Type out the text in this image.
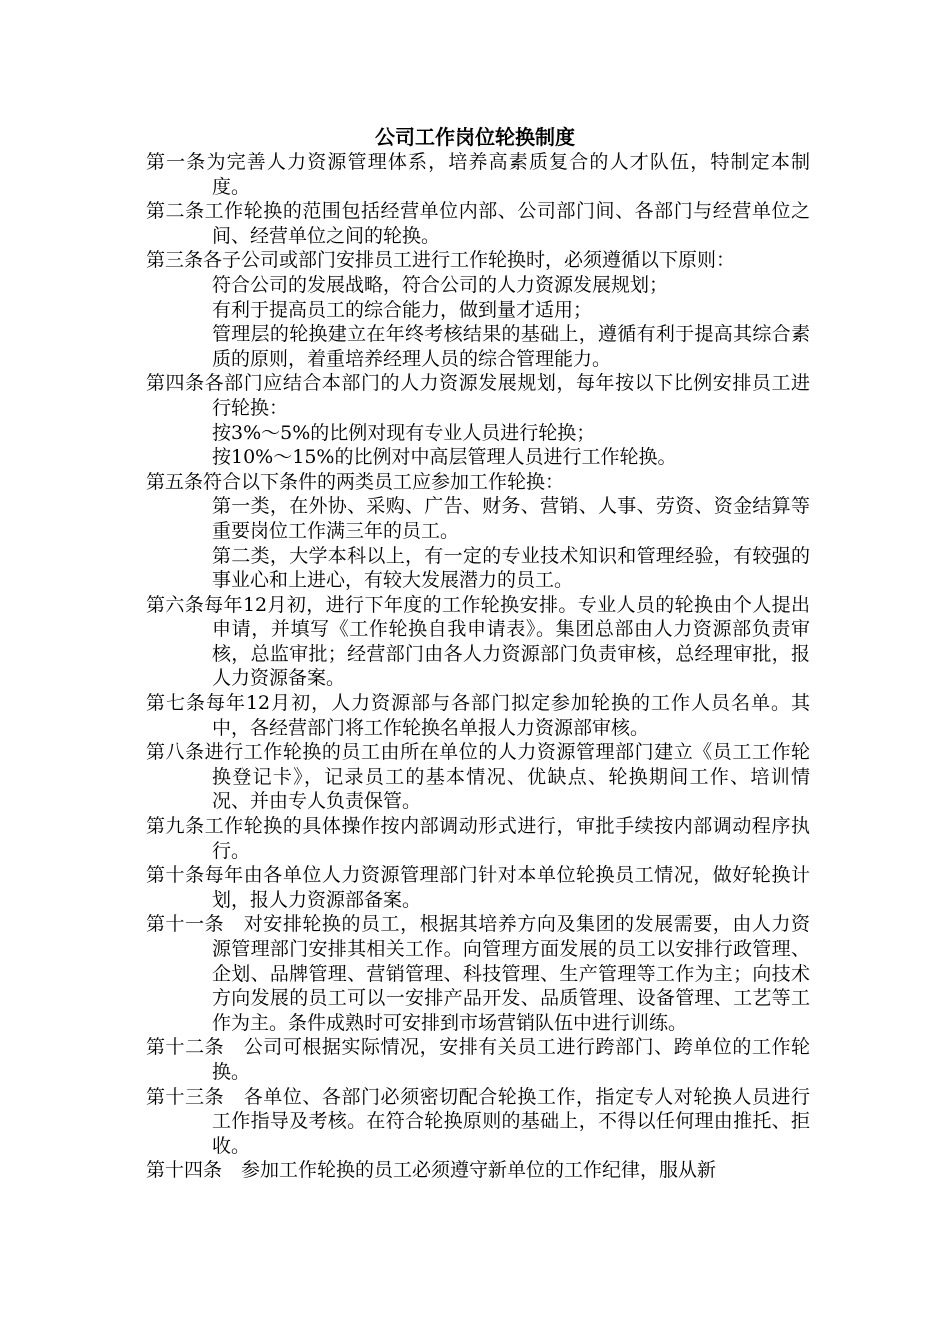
公司工作岗位轮换制度
第一条为完善人力资源管理体系，培养高素质复合的人才队伍，特制定本制度。
第二条工作轮换的范围包括经营单位内部、公司部门间、各部门与经营单位之间、经营单位之间的轮换。
第三条各子公司或部门安排员工进行工作轮换时，必须遵循以下原则：
符合公司的发展战略，符合公司的人力资源发展规划；
有利于提高员工的综合能力，做到量才适用；
管理层的轮换建立在年终考核结果的基础上，遵循有利于提高其综合素质的原则，着重培养经理人员的综合管理能力。
第四条各部门应结合本部门的人力资源发展规划，每年按以下比例安排员工进行轮换：
按3%～5%的比例对现有专业人员进行轮换；
按10%～15%的比例对中高层管理人员进行工作轮换。
第五条符合以下条件的两类员工应参加工作轮换：
第一类，在外协、采购、广告、财务、营销、人事、劳资、资金结算等重要岗位工作满三年的员工。
第二类，大学本科以上，有一定的专业技术知识和管理经验，有较强的事业心和上进心，有较大发展潜力的员工。
第六条每年12月初，进行下年度的工作轮换安排。专业人员的轮换由个人提出申请，并填写《工作轮换自我申请表》。集团总部由人力资源部负责审核，总监审批；经营部门由各人力资源部门负责审核，总经理审批，报人力资源备案。
第七条每年12月初，人力资源部与各部门拟定参加轮换的工作人员名单。其中，各经营部门将工作轮换名单报人力资源部审核。
第八条进行工作轮换的员工由所在单位的人力资源管理部门建立《员工工作轮换登记卡》，记录员工的基本情况、优缺点、轮换期间工作、培训情况、并由专人负责保管。
第九条工作轮换的具体操作按内部调动形式进行，审批手续按内部调动程序执行。
第十条每年由各单位人力资源管理部门针对本单位轮换员工情况，做好轮换计划，报人力资源部备案。
第十一条　对安排轮换的员工，根据其培养方向及集团的发展需要，由人力资源管理部门安排其相关工作。向管理方面发展的员工以安排行政管理、企划、品牌管理、营销管理、科技管理、生产管理等工作为主；向技术方向发展的员工可以一安排产品开发、品质管理、设备管理、工艺等工作为主。条件成熟时可安排到市场营销队伍中进行训练。
第十二条　公司可根据实际情况，安排有关员工进行跨部门、跨单位的工作轮换。
第十三条　各单位、各部门必须密切配合轮换工作，指定专人对轮换人员进行工作指导及考核。在符合轮换原则的基础上，不得以任何理由推托、拒收。
第十四条　参加工作轮换的员工必须遵守新单位的工作纪律，服从新
